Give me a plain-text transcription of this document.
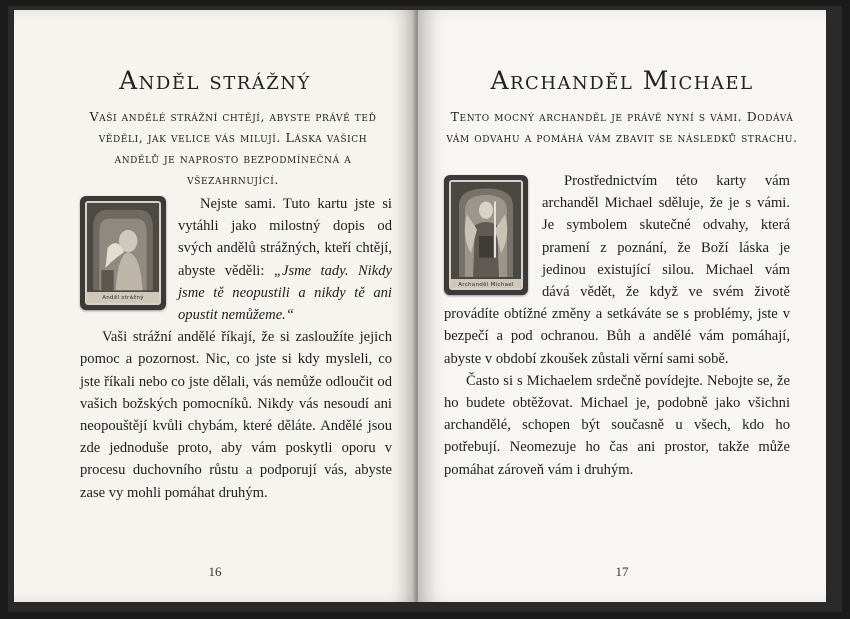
Anděl strážný
Vaši andělé strážní chtějí, abyste právě teď věděli, jak velice vás milují. Láska vašich andělů je naprosto bezpodmínečná a všezahrnující.
Anděl strážný

Nejste sami. Tuto kartu jste si vytáhli jako milostný dopis od svých andělů strážných, kteří chtějí, abyste věděli: „Jsme tady. Nikdy jsme tě neopustili a nikdy tě ani opustit nemůžeme.“

Vaši strážní andělé říkají, že si zasloužíte jejich pomoc a pozornost. Nic, co jste si kdy mysleli, co jste říkali nebo co jste dělali, vás nemůže odloučit od vašich božských pomocníků. Nikdy vás nesoudí ani neopouštějí kvůli chybám, které děláte. Andělé jsou zde jednoduše proto, aby vám poskytli oporu v procesu duchovního růstu a podporují vás, abyste zase vy mohli pomáhat druhým.

16
Archanděl Michael
Tento mocný archanděl je právě nyní s vámi. Dodává vám odvahu a pomáhá vám zbavit se následků strachu.
Archanděl Michael

Prostřednictvím této karty vám archanděl Michael sděluje, že je s vámi. Je symbolem skutečné odvahy, která pramení z poznání, že Boží láska je jedinou existující silou. Michael vám dává vědět, že když ve svém životě provádíte obtížné změny a setkáváte se s problémy, jste v bezpečí a pod ochranou. Bůh a andělé vám pomáhají, abyste v období zkoušek zůstali věrní sami sobě.

Často si s Michaelem srdečně povídejte. Nebojte se, že ho budete obtěžovat. Michael je, podobně jako všichni archandělé, schopen být současně u všech, kdo ho potřebují. Neomezuje ho čas ani prostor, takže může pomáhat zároveň vám i druhým.

17
